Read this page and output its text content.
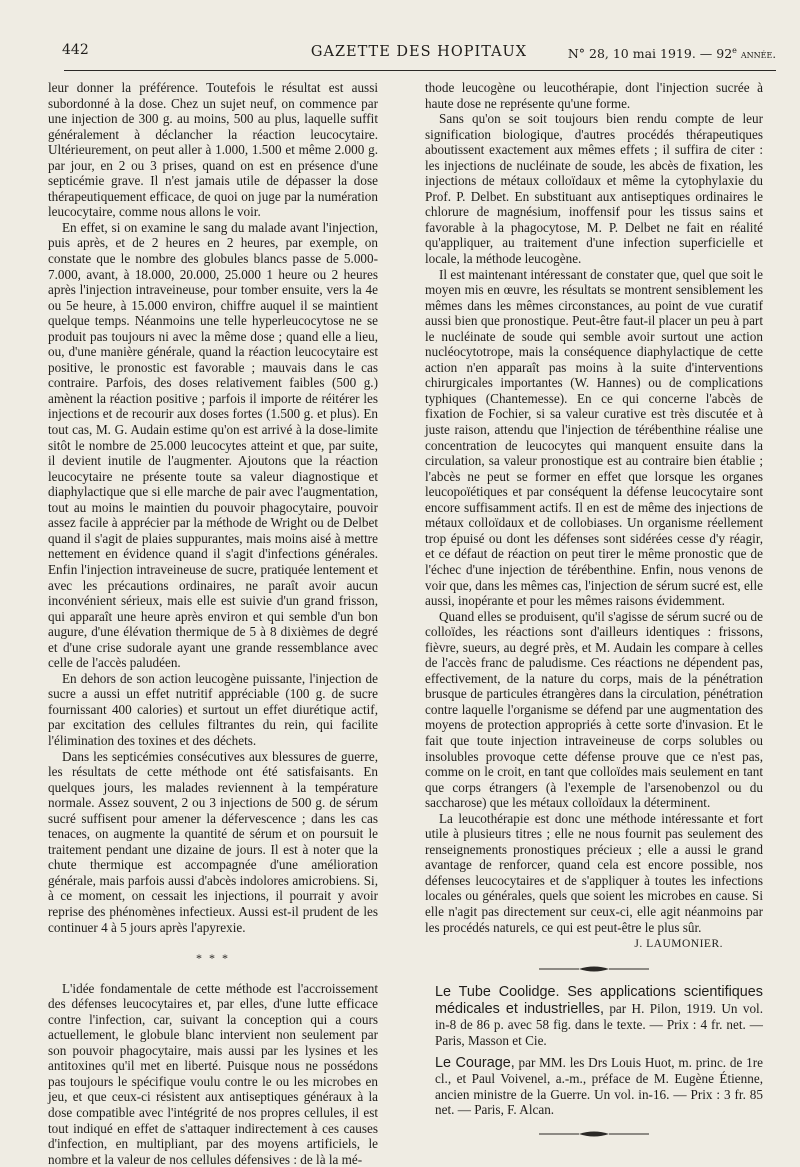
442	GAZETTE DES HOPITAUX	N° 28, 10 mai 1919. — 92e année.

leur donner la préférence. Toutefois le résultat est aussi subordonné à la dose. Chez un sujet neuf, on commence par une injection de 300 g. au moins, 500 au plus, laquelle suffit généralement à déclancher la réaction leucocytaire. Ultérieurement, on peut aller à 1.000, 1.500 et même 2.000 g. par jour, en 2 ou 3 prises, quand on est en présence d'une septicémie grave. Il n'est jamais utile de dépasser la dose thérapeutiquement efficace, de quoi on juge par la numération leucocytaire, comme nous allons le voir.

En effet, si on examine le sang du malade avant l'injection, puis après, et de 2 heures en 2 heures, par exemple, on constate que le nombre des globules blancs passe de 5.000-7.000, avant, à 18.000, 20.000, 25.000 1 heure ou 2 heures après l'injection intraveineuse, pour tomber ensuite, vers la 4e ou 5e heure, à 15.000 environ, chiffre auquel il se maintient quelque temps. Néanmoins une telle hyperleucocytose ne se produit pas toujours ni avec la même dose ; quand elle a lieu, ou, d'une manière générale, quand la réaction leucocytaire est positive, le pronostic est favorable ; mauvais dans le cas contraire. Parfois, des doses relativement faibles (500 g.) amènent la réaction positive ; parfois il importe de réitérer les injections et de recourir aux doses fortes (1.500 g. et plus). En tout cas, M. G. Audain estime qu'on est arrivé à la dose-limite sitôt le nombre de 25.000 leucocytes atteint et que, par suite, il devient inutile de l'augmenter. Ajoutons que la réaction leucocytaire ne présente toute sa valeur diagnostique et diaphylactique que si elle marche de pair avec l'augmentation, tout au moins le maintien du pouvoir phagocytaire, pouvoir assez facile à apprécier par la méthode de Wright ou de Delbet quand il s'agit de plaies suppurantes, mais moins aisé à mettre nettement en évidence quand il s'agit d'infections générales. Enfin l'injection intraveineuse de sucre, pratiquée lentement et avec les précautions ordinaires, ne paraît avoir aucun inconvénient sérieux, mais elle est suivie d'un grand frisson, qui apparaît une heure après environ et qui semble d'un bon augure, d'une élévation thermique de 5 à 8 dixièmes de degré et d'une crise sudorale ayant une grande ressemblance avec celle de l'accès paludéen.

En dehors de son action leucogène puissante, l'injection de sucre a aussi un effet nutritif appréciable (100 g. de sucre fournissant 400 calories) et surtout un effet diurétique actif, par excitation des cellules filtrantes du rein, qui facilite l'élimination des toxines et des déchets.

Dans les septicémies consécutives aux blessures de guerre, les résultats de cette méthode ont été satisfaisants. En quelques jours, les malades reviennent à la température normale. Assez souvent, 2 ou 3 injections de 500 g. de sérum sucré suffisent pour amener la défervescence ; dans les cas tenaces, on augmente la quantité de sérum et on poursuit le traitement pendant une dizaine de jours. Il est à noter que la chute thermique est accompagnée d'une amélioration générale, mais parfois aussi d'abcès indolores amicrobiens. Si, à ce moment, on cessait les injections, il pourrait y avoir reprise des phénomènes infectieux. Aussi est-il prudent de les continuer 4 à 5 jours après l'apyrexie.

* * *

L'idée fondamentale de cette méthode est l'accroissement des défenses leucocytaires et, par elles, d'une lutte efficace contre l'infection, car, suivant la conception qui a cours actuellement, le globule blanc intervient non seulement par son pouvoir phagocytaire, mais aussi par les lysines et les antitoxines qu'il met en liberté. Puisque nous ne possédons pas toujours le spécifique voulu contre le ou les microbes en jeu, et que ceux-ci résistent aux antiseptiques généraux à la dose compatible avec l'intégrité de nos propres cellules, il est tout indiqué en effet de s'attaquer indirectement à ces causes d'infection, en multipliant, par des moyens artificiels, le nombre et la valeur de nos cellules défensives : de là la mé-

thode leucogène ou leucothérapie, dont l'injection sucrée à haute dose ne représente qu'une forme.

Sans qu'on se soit toujours bien rendu compte de leur signification biologique, d'autres procédés thérapeutiques aboutissent exactement aux mêmes effets ; il suffira de citer : les injections de nucléinate de soude, les abcès de fixation, les injections de métaux colloïdaux et même la cytophylaxie du Prof. P. Delbet. En substituant aux antiseptiques ordinaires le chlorure de magnésium, inoffensif pour les tissus sains et favorable à la phagocytose, M. P. Delbet ne fait en réalité qu'appliquer, au traitement d'une infection superficielle et locale, la méthode leucogène.

Il est maintenant intéressant de constater que, quel que soit le moyen mis en œuvre, les résultats se montrent sensiblement les mêmes dans les mêmes circonstances, au point de vue curatif aussi bien que pronostique. Peut-être faut-il placer un peu à part le nucléinate de soude qui semble avoir surtout une action nucléocytotrope, mais la conséquence diaphylactique de cette action n'en apparaît pas moins à la suite d'interventions chirurgicales importantes (W. Hannes) ou de complications typhiques (Chantemesse). En ce qui concerne l'abcès de fixation de Fochier, si sa valeur curative est très discutée et à juste raison, attendu que l'injection de térébenthine réalise une concentration de leucocytes qui manquent ensuite dans la circulation, sa valeur pronostique est au contraire bien établie ; l'abcès ne peut se former en effet que lorsque les organes leucopoïétiques et par conséquent la défense leucocytaire sont encore suffisamment actifs. Il en est de même des injections de métaux colloïdaux et de collobiases. Un organisme réellement trop épuisé ou dont les défenses sont sidérées cesse d'y réagir, et ce défaut de réaction on peut tirer le même pronostic que de l'échec d'une injection de térébenthine. Enfin, nous venons de voir que, dans les mêmes cas, l'injection de sérum sucré est, elle aussi, inopérante et pour les mêmes raisons évidemment.

Quand elles se produisent, qu'il s'agisse de sérum sucré ou de colloïdes, les réactions sont d'ailleurs identiques : frissons, fièvre, sueurs, au degré près, et M. Audain les compare à celles de l'accès franc de paludisme. Ces réactions ne dépendent pas, effectivement, de la nature du corps, mais de la pénétration brusque de particules étrangères dans la circulation, pénétration contre laquelle l'organisme se défend par une augmentation des moyens de protection appropriés à cette sorte d'invasion. Et le fait que toute injection intraveineuse de corps solubles ou insolubles provoque cette défense prouve que ce n'est pas, comme on le croit, en tant que colloïdes mais seulement en tant que corps étrangers (à l'exemple de l'arsenobenzol ou du saccharose) que les métaux colloïdaux la déterminent.

La leucothérapie est donc une méthode intéressante et fort utile à plusieurs titres ; elle ne nous fournit pas seulement des renseignements pronostiques précieux ; elle a aussi le grand avantage de renforcer, quand cela est encore possible, nos défenses leucocytaires et de s'appliquer à toutes les infections locales ou générales, quels que soient les microbes en cause. Si elle n'agit pas directement sur ceux-ci, elle agit néanmoins par les procédés naturels, ce qui est peut-être le plus sûr.

J. LAUMONIER.

Le Tube Coolidge. Ses applications scientifiques médicales et industrielles, par H. Pilon, 1919. Un vol. in-8 de 86 p. avec 58 fig. dans le texte. — Prix : 4 fr. net. — Paris, Masson et Cie.

Le Courage, par MM. les Drs Louis Huot, m. princ. de 1re cl., et Paul Voivenel, a.-m., préface de M. Eugène Étienne, ancien ministre de la Guerre. Un vol. in-16. — Prix : 3 fr. 85 net. — Paris, F. Alcan.
